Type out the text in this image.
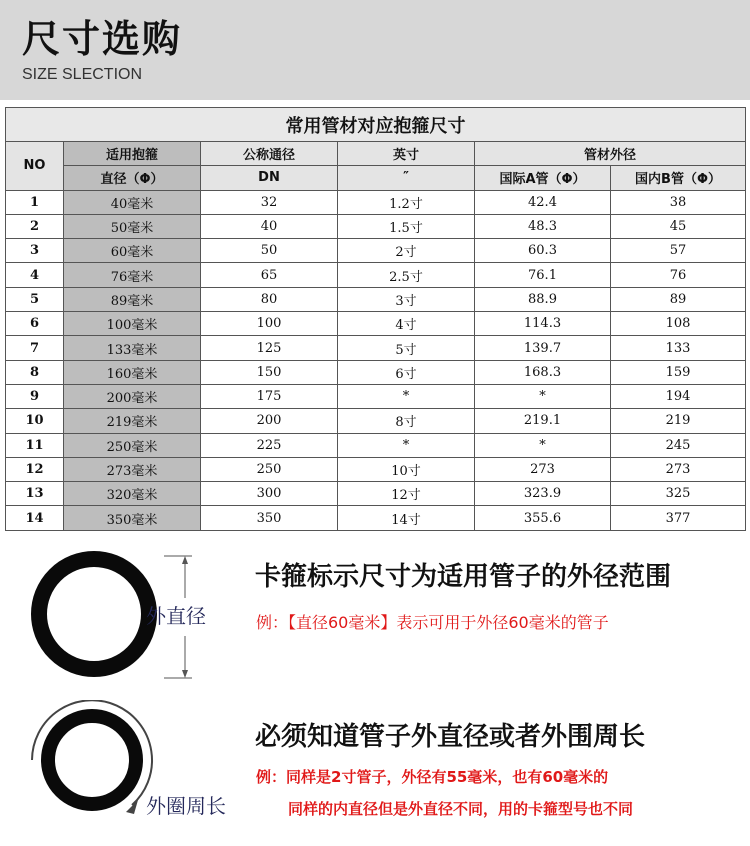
尺寸选购
SIZE SLECTION
常用管材对应抱箍尺寸					
NO	适用抱箍	公称通径	英寸	管材外径	
	直径（Φ）	DN	″	国际A管（Φ）	国内B管（Φ）
1	40毫米	32	1.2寸	42.4	38
2	50毫米	40	1.5寸	48.3	45
3	60毫米	50	2寸	60.3	57
4	76毫米	65	2.5寸	76.1	76
5	89毫米	80	3寸	88.9	89
6	100毫米	100	4寸	114.3	108
7	133毫米	125	5寸	139.7	133
8	160毫米	150	6寸	168.3	159
9	200毫米	175	*	*	194
10	219毫米	200	8寸	219.1	219
11	250毫米	225	*	*	245
12	273毫米	250	10寸	273	273
13	320毫米	300	12寸	323.9	325
14	350毫米	350	14寸	355.6	377
外直径
卡箍标示尺寸为适用管子的外径范围
例：【直径60毫米】表示可用于外径60毫米的管子
外圈周长
必须知道管子外直径或者外围周长
例：同样是2寸管子，外径有55毫米，也有60毫米的
同样的内直径但是外直径不同，用的卡箍型号也不同
